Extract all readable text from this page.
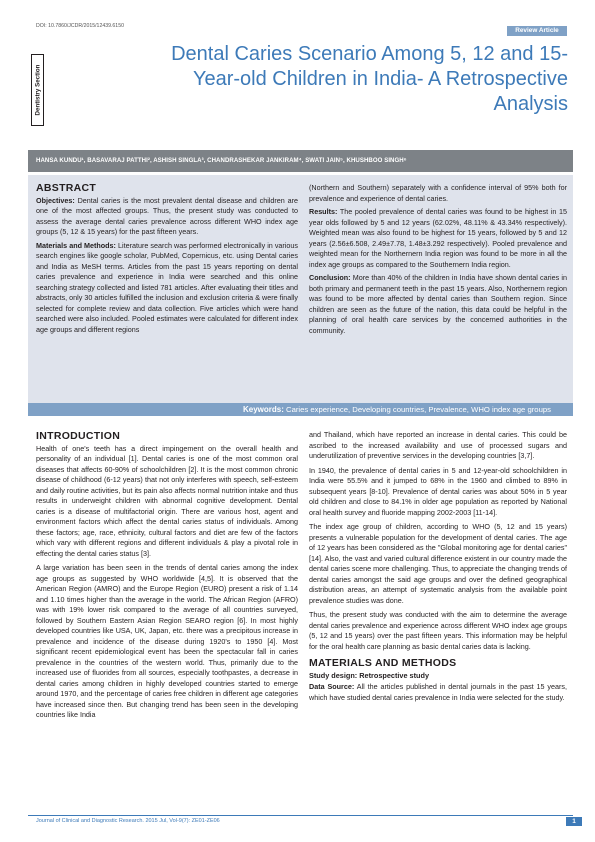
DOI: 10.7860/JCDR/2015/12439.6150
Review Article
Dentistry Section
Dental Caries Scenario Among 5, 12 and 15-Year-old Children in India- A Retrospective Analysis
HANSA KUNDU¹, BASAVARAJ PATTHI², ASHISH SINGLA³, CHANDRASHEKAR JANKIRAM⁴, SWATI JAIN⁵, KHUSHBOO SINGH⁶
ABSTRACT

Objectives: Dental caries is the most prevalent dental disease and children are one of the most affected groups. Thus, the present study was conducted to assess the average dental caries prevalence across different WHO index age groups (5, 12 & 15 years) for the past fifteen years.

Materials and Methods: Literature search was performed electronically in various search engines like google scholar, PubMed, Copernicus, etc. using Dental caries and India as MeSH terms. Articles from the past 15 years reporting on dental caries prevalence and experience in India were searched and this online searching strategy collected and listed 781 articles. After evaluating their titles and abstracts, only 30 articles fulfilled the inclusion and exclusion criteria & were finally selected for complete review and data collection. Five articles which were hand searched were also included. Pooled estimates were calculated for different index age groups and different regions

(Northern and Southern) separately with a confidence interval of 95% both for prevalence and experience of dental caries.

Results: The pooled prevalence of dental caries was found to be highest in 15 year olds followed by 5 and 12 years (62.02%, 48.11% & 43.34% respectively). Weighted mean was also found to be highest for 15 years, followed by 5 and 12 years (2.56±6.508, 2.49±7.78, 1.48±3.292 respectively). Pooled prevalence and weighted mean for the Northernern India region was found to be more in all the index age groups as compared to the Southernern India region.

Conclusion: More than 40% of the children in India have shown dental caries in both primary and permanent teeth in the past 15 years. Also, Northernern region was found to be more affected by dental caries than Southern region. Since children are seen as the future of the nation, this data could be helpful in the planning of oral health care services by the concerned authorities in the community.

Keywords: Caries experience, Developing countries, Prevalence, WHO index age groups
INTRODUCTION

Health of one's teeth has a direct impingement on the overall health and personality of an individual [1]. Dental caries is one of the most common oral diseases that affects 60-90% of schoolchildren [2]. It is the most common chronic disease of childhood (6-12 years) that not only interferes with speech, self-esteem and daily routine activities, but its pain also affects normal nutrition intake and thus results in underweight children with abnormal cognitive development. Dental caries is a disease of multifactorial origin. There are various host, agent and environment factors which affect the dental caries status of individuals. Among these factors; age, race, ethnicity, cultural factors and diet are few of the factors which vary with different regions and different individuals & play a pivotal role in effecting the dental caries status [3].

A large variation has been seen in the trends of dental caries among the index age groups as suggested by WHO worldwide [4,5]. It is observed that the American Region (AMRO) and the Europe Region (EURO) present a risk of 1.14 and 1.10 times higher than the average in the world. The African Region (AFRO) was with 19% lower risk compared to the average of all countries surveyed, followed by Southern Eastern Asian Region SEARO region [6]. In most highly developed countries like USA, UK, Japan, etc. there was a precipitous increase in prevalence and incidence of the disease during 1920's to 1950 [4]. Most significant recent epidemiological event has been the spectacular fall in caries prevalence in the countries of the western world. Thus, primarily due to the increased use of fluorides from all sources, especially toothpastes, a decrease in dental caries among children in highly developed countries started to emerge around 1970, and the percentage of caries free children in different age categories have increased since then. But changing trend has been seen in the developing countries like India

and Thailand, which have reported an increase in dental caries. This could be ascribed to the increased availability and use of processed sugars and underutilization of preventive services in the developing countries [3,7].

In 1940, the prevalence of dental caries in 5 and 12-year-old schoolchildren in India were 55.5% and it jumped to 68% in the 1960 and climbed to 89% in subsequent years [8-10]. Prevalence of dental caries was about 50% in 5 year old children and close to 84.1% in older age population as reported by National oral health survey and fluoride mapping 2002-2003 [11-14].

The index age group of children, according to WHO (5, 12 and 15 years) presents a vulnerable population for the development of dental caries. The age of 12 years has been considered as the "Global monitoring age for dental caries" [14]. Also, the vast and varied cultural difference existent in our country made the dental caries scene more challenging. Thus, to appreciate the changing trends of dental caries amongst the said age groups and over the defined geographical distribution areas, an attempt of systematic analysis from the available point prevalence studies was done.

Thus, the present study was conducted with the aim to determine the average dental caries prevalence and experience across different WHO index age groups (5, 12 and 15 years) over the past fifteen years. This information may be helpful for the oral health care planning as basic dental caries data is lacking.

MATERIALS AND METHODS
Study design: Retrospective study

Data Source: All the articles published in dental journals in the past 15 years, which have studied dental caries prevalence in India were selected for the study.

Journal of Clinical and Diagnostic Research. 2015 Jul, Vol-9(7): ZE01-ZE06	1
